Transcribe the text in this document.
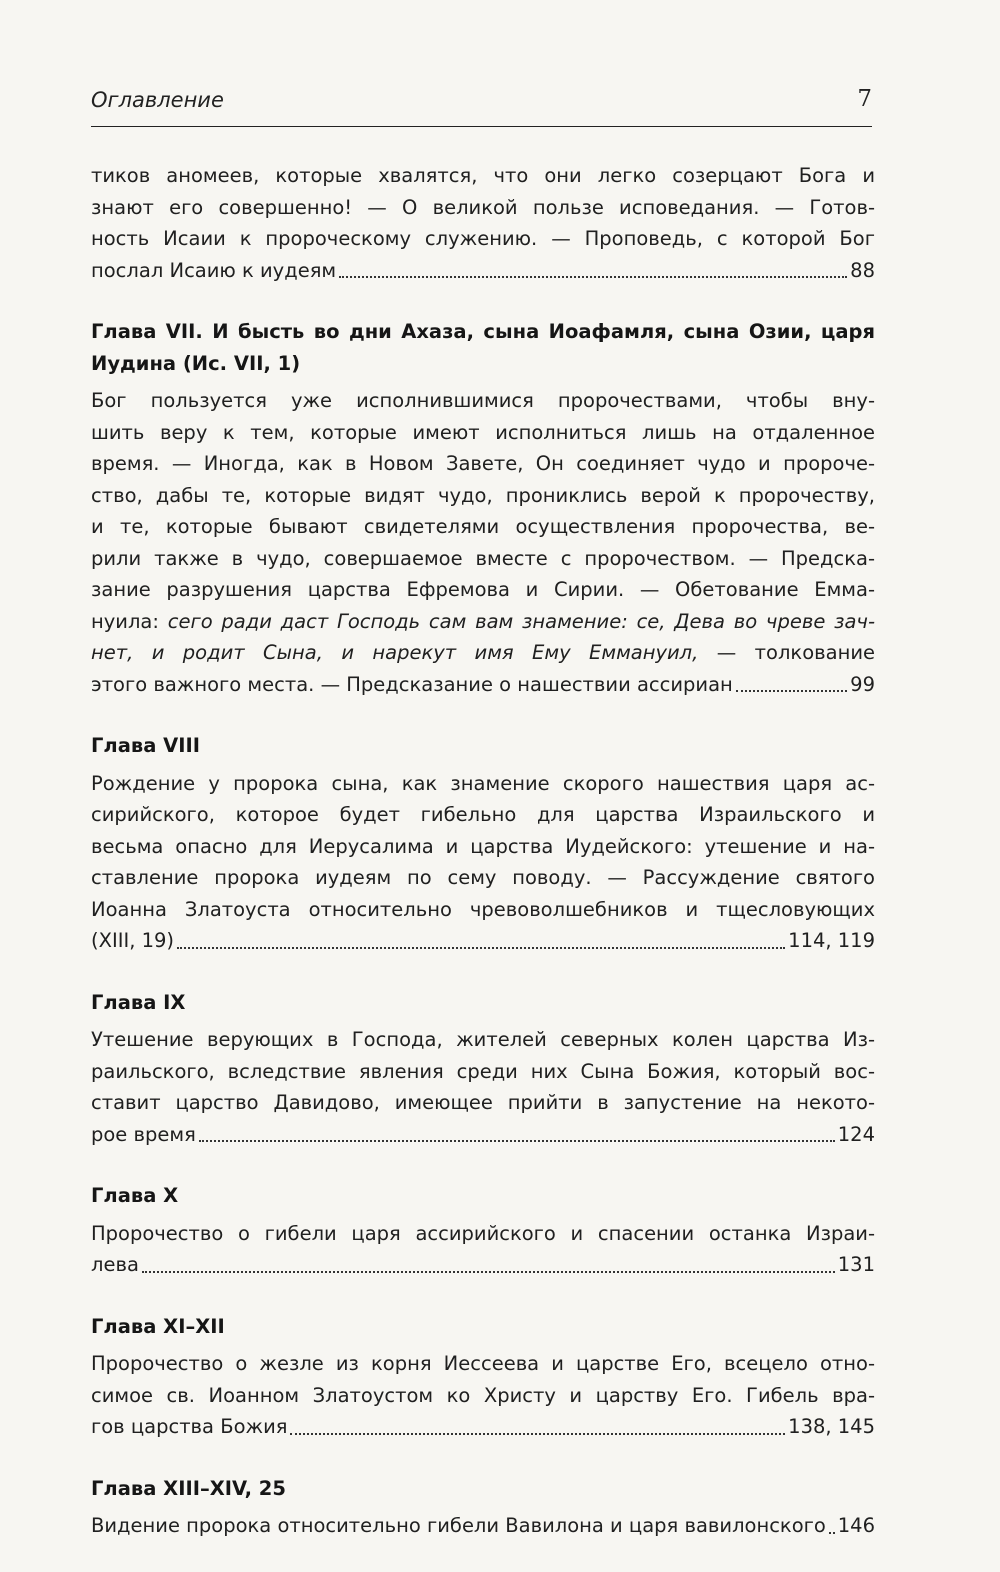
Оглавление	7
тиков аномеев, которые хвалятся, что они легко созерцают Бога и
знают его совершенно! — О великой пользе исповедания. — Готов-
ность Исаии к пророческому служению. — Проповедь, с которой Бог
послал Исаию к иудеям	88
Глава VII. И бысть во дни Ахаза, сына Иоафамля, сына Озии, царя
Иудина (Ис. VII, 1)
Бог пользуется уже исполнившимися пророчествами, чтобы вну-
шить веру к тем, которые имеют исполниться лишь на отдаленное
время. — Иногда, как в Новом Завете, Он соединяет чудо и пророче-
ство, дабы те, которые видят чудо, прониклись верой к пророчеству,
и те, которые бывают свидетелями осуществления пророчества, ве-
рили также в чудо, совершаемое вместе с пророчеством. — Предска-
зание разрушения царства Ефремова и Сирии. — Обетование Емма-
нуила: сего ради даст Господь сам вам знамение: се, Дева во чреве зач-
нет, и родит Сына, и нарекут имя Ему Еммануил, — толкование
этого важного места. — Предсказание о нашествии ассириан	99
Глава VIII
Рождение у пророка сына, как знамение скорого нашествия царя ас-
сирийского, которое будет гибельно для царства Израильского и
весьма опасно для Иерусалима и царства Иудейского: утешение и на-
ставление пророка иудеям по сему поводу. — Рассуждение святого
Иоанна Златоуста относительно чревоволшебников и тщесловующих
(XIII, 19)	114, 119
Глава IX
Утешение верующих в Господа, жителей северных колен царства Из-
раильского, вследствие явления среди них Сына Божия, который вос-
ставит царство Давидово, имеющее прийти в запустение на некото-
рое время	124
Глава X
Пророчество о гибели царя ассирийского и спасении останка Израи-
лева	131
Глава XI–XII
Пророчество о жезле из корня Иессеева и царстве Его, всецело отно-
симое св. Иоанном Златоустом ко Христу и царству Его. Гибель вра-
гов царства Божия	138, 145
Глава XIII–XIV, 25
Видение пророка относительно гибели Вавилона и царя вавилонского 146
